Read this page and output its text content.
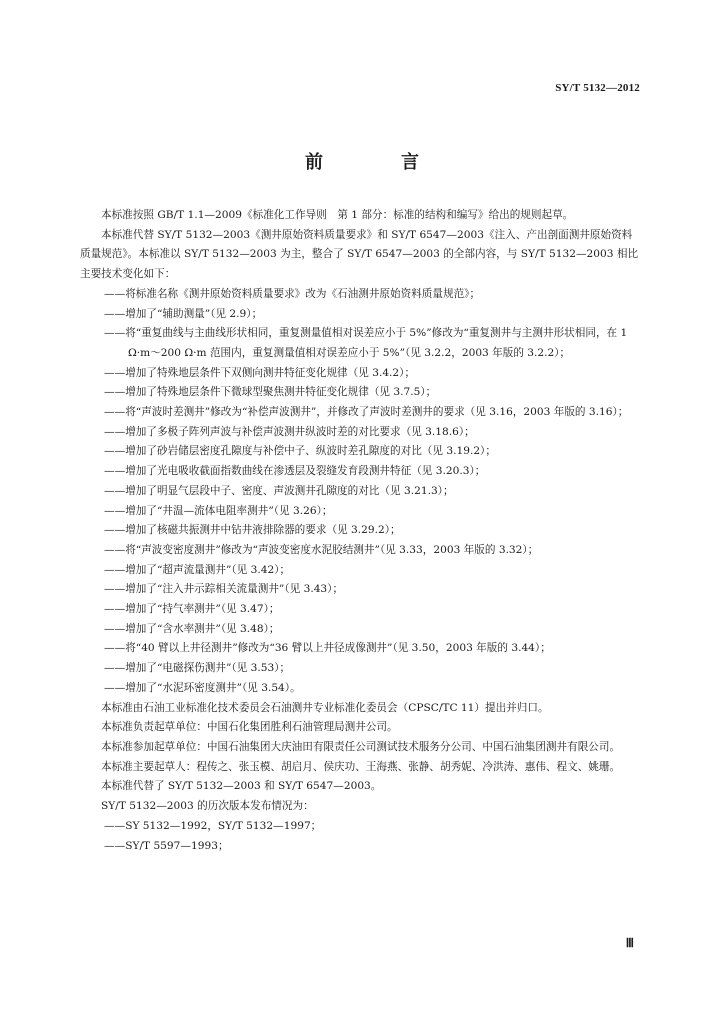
SY/T 5132—2012
前　言

本标准按照 GB/T 1.1—2009《标准化工作导则　第 1 部分：标准的结构和编写》给出的规则起草。

本标准代替 SY/T 5132—2003《测井原始资料质量要求》和 SY/T 6547—2003《注入、产出剖面测井原始资料质量规范》。本标准以 SY/T 5132—2003 为主，整合了 SY/T 6547—2003 的全部内容，与 SY/T 5132—2003 相比主要技术变化如下：

——将标准名称《测井原始资料质量要求》改为《石油测井原始资料质量规范》；

——增加了“辅助测量”（见 2.9）；

——将“重复曲线与主曲线形状相同，重复测量值相对误差应小于 5%”修改为“重复测井与主测井形状相同，在 1 Ω·m～200 Ω·m 范围内，重复测量值相对误差应小于 5%”（见 3.2.2，2003 年版的 3.2.2）；

——增加了特殊地层条件下双侧向测井特征变化规律（见 3.4.2）；

——增加了特殊地层条件下微球型聚焦测井特征变化规律（见 3.7.5）；

——将“声波时差测井”修改为“补偿声波测井”，并修改了声波时差测井的要求（见 3.16，2003 年版的 3.16）；

——增加了多极子阵列声波与补偿声波测井纵波时差的对比要求（见 3.18.6）；

——增加了砂岩储层密度孔隙度与补偿中子、纵波时差孔隙度的对比（见 3.19.2）；

——增加了光电吸收截面指数曲线在渗透层及裂缝发育段测井特征（见 3.20.3）；

——增加了明显气层段中子、密度、声波测井孔隙度的对比（见 3.21.3）；

——增加了“井温—流体电阻率测井”（见 3.26）；

——增加了核磁共振测井中钻井液排除器的要求（见 3.29.2）；

——将“声波变密度测井”修改为“声波变密度水泥胶结测井”（见 3.33，2003 年版的 3.32）；

——增加了“超声流量测井”（见 3.42）；

——增加了“注入井示踪相关流量测井”（见 3.43）；

——增加了“持气率测井”（见 3.47）；

——增加了“含水率测井”（见 3.48）；

——将“40 臂以上井径测井”修改为“36 臂以上井径成像测井”（见 3.50，2003 年版的 3.44）；

——增加了“电磁探伤测井”（见 3.53）；

——增加了“水泥环密度测井”（见 3.54）。

本标准由石油工业标准化技术委员会石油测井专业标准化委员会（CPSC/TC 11）提出并归口。

本标准负责起草单位：中国石化集团胜利石油管理局测井公司。

本标准参加起草单位：中国石油集团大庆油田有限责任公司测试技术服务分公司、中国石油集团测井有限公司。

本标准主要起草人：程传之、张玉模、胡启月、侯庆功、王海燕、张静、胡秀妮、冷洪涛、惠伟、程文、姚珊。

本标准代替了 SY/T 5132—2003 和 SY/T 6547—2003。

SY/T 5132—2003 的历次版本发布情况为：

——SY 5132—1992，SY/T 5132—1997；

——SY/T 5597—1993；

Ⅲ
